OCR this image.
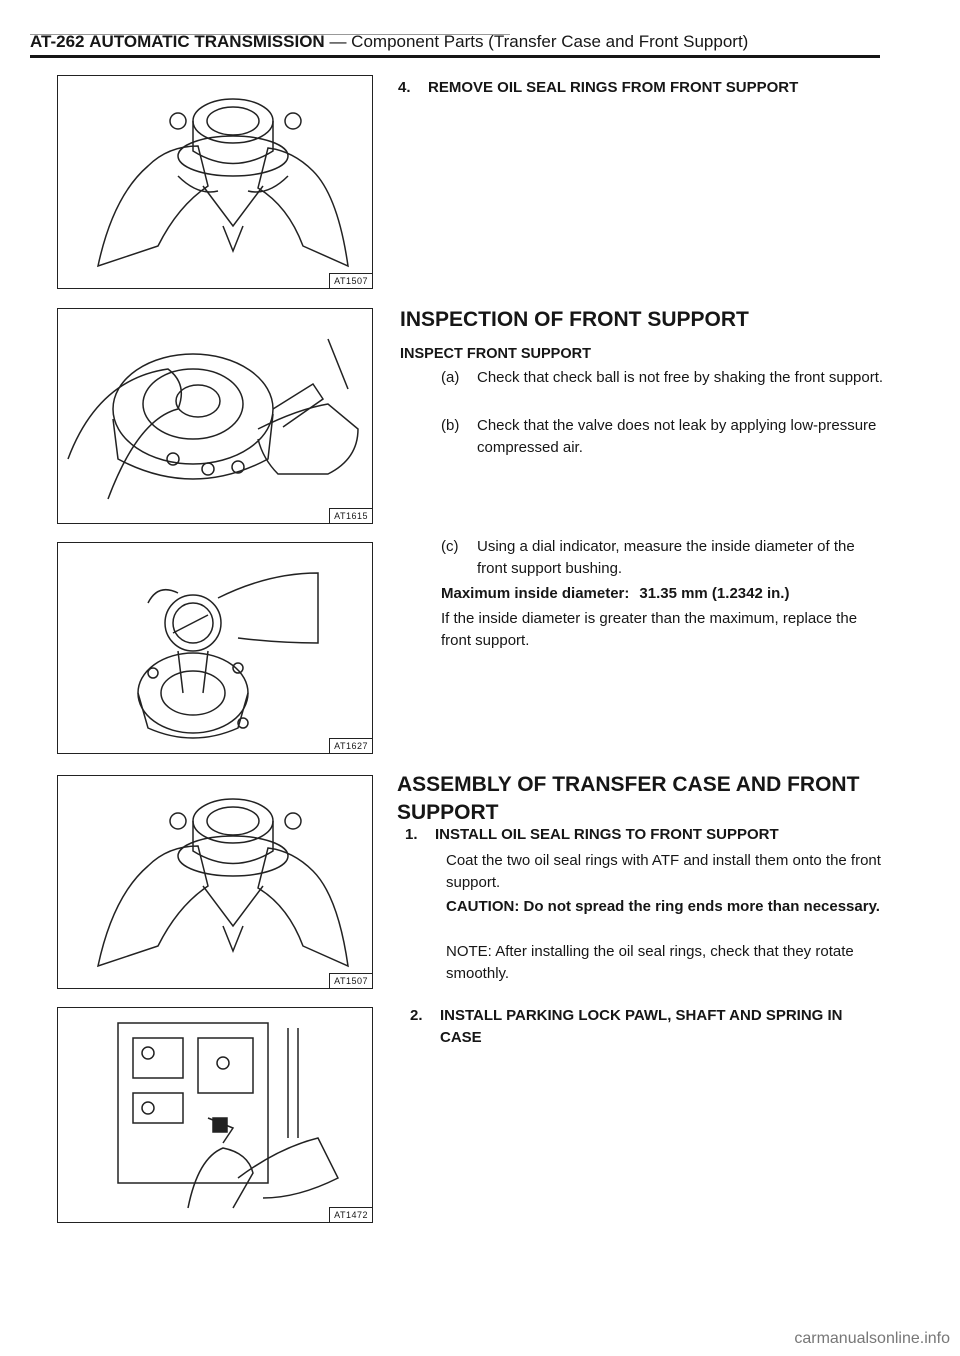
AT-262 AUTOMATIC TRANSMISSION — Component Parts (Transfer Case and Front Support)
AT1507
AT1615
AT1627
AT1507
AT1472
4. REMOVE OIL SEAL RINGS FROM FRONT SUPPORT
INSPECTION OF FRONT SUPPORT
INSPECT FRONT SUPPORT
(a) Check that check ball is not free by shaking the front support.
(b) Check that the valve does not leak by applying low-pressure compressed air.
(c) Using a dial indicator, measure the inside diameter of the front support bushing.
Maximum inside diameter: 31.35 mm (1.2342 in.)
If the inside diameter is greater than the maximum, replace the front support.
ASSEMBLY OF TRANSFER CASE AND FRONT
SUPPORT
1. INSTALL OIL SEAL RINGS TO FRONT SUPPORT
Coat the two oil seal rings with ATF and install them onto the front support.
CAUTION: Do not spread the ring ends more than necessary.
NOTE: After installing the oil seal rings, check that they rotate smoothly.
2. INSTALL PARKING LOCK PAWL, SHAFT AND SPRING IN
CASE
carmanualsonline.info
